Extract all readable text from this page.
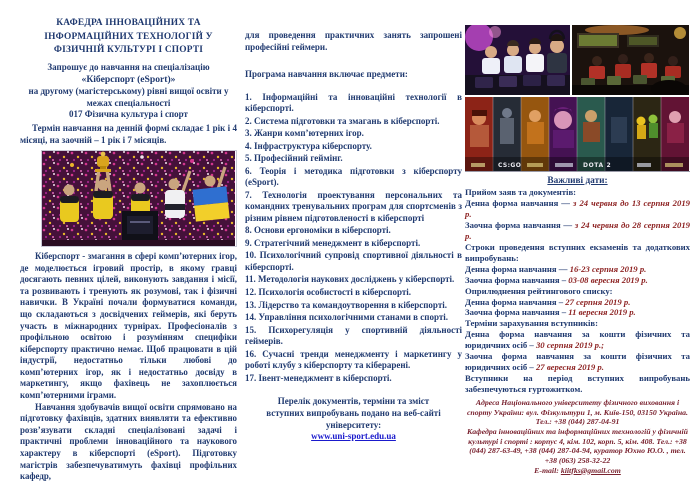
КАФЕДРА ІННОВАЦІЙНИХ ТА ІНФОРМАЦІЙНИХ ТЕХНОЛОГІЙ У ФІЗИЧНІЙ КУЛЬТУРІ І СПОРТІ
Запрошує до навчання на спеціалізацію
«Кіберспорт (eSport)»
на другому (магістерському) рівні вищої освіти у межах спеціальності
017 Фізична культура і спорт
Термін навчання на денній формі складає 1 рік і 4 місяці, на заочній – 1 рік і 7 місяців.

Кіберспорт - змагання в сфері комп’ютерних ігор, де моделюється ігровий простір, в якому гравці досягають певних цілей, виконують завдання і місії, та розвивають і тренують як розумові, так і фізичні навички. В Україні почали формуватися команди, що складаються з досвідчених геймерів, які беруть участь в міжнародних турнірах. Професіоналів з профільною освітою і розумінням специфіки кіберспорту практично немає. Щоб працювати в цій індустрії, недостатньо тільки любові до комп’ютерних ігор, як і недостатньо досвіду в маркетингу, якщо фахівець не захоплюється комп’ютерними іграми.

Навчання здобувачів вищої освіти спрямовано на підготовку фахівців, здатних виявляти та ефективно розв’язувати складні спеціалізовані задачі і практичні проблеми інноваційного та наукового характеру в кіберспорті (eSport). Підготовку магістрів забезпечуватимуть фахівці профільних кафедр,

для проведення практичних занять запрошені професійні геймери.

Програма навчання включає предмети:

Інформаційні та інноваційні технології в кіберспорті.
Система підготовки та змагань в кіберспорті.
Жанри комп’ютерних ігор.
Інфраструктура кіберспорту.
Професійний геймінг.
Теорія і методика підготовки з кіберспорту (eSport).
Технологія проектування персональних та командних тренувальних програм для спортсменів з різним рівнем підготовленості в кіберспорті
Основи ергономіки в кіберспорті.
Стратегічний менеджмент в кіберспорті.
Психологічний супровід спортивної діяльності в кіберспорті.
Методологія наукових досліджень у кіберспорті.
Психологія особистості в кіберспорті.
Лідерство та командоутворення в кіберспорті.
Управління психологічними станами в спорті.
Психорегуляція у спортивній діяльності геймерів.
Сучасні тренди менеджменту і маркетингу у роботі клубу з кіберспорту та кіберарені.
Івент-менеджмент в кіберспорті.

Перелік документів, терміни та зміст вступних випробувань подано на веб-сайті університету:

www.uni-sport.edu.ua
CS:GO	DOTA 2
Важливі дати:

Прийом заяв та документів:

Денна форма навчання — з 24 червня до 13 серпня 2019 р.

Заочна форма навчання — з 24 червня до 28 серпня 2019 р.

Строки проведення вступних екзаменів та додаткових випробувань:

Денна форма навчання — 16-23 серпня 2019 р.

Заочна форма навчання – 03-08 вересня 2019 р.

Оприлюднення рейтингового списку:

Денна форма навчання – 27 серпня 2019 р.

Заочна форма навчання – 11 вересня 2019 р.

Терміни зарахування вступників:

Денна форма навчання за кошти фізичних та юридичних осіб – 30 серпня 2019 р.;

Заочна форма навчання за кошти фізичних та юридичних осіб – 27 вересня 2019 р.

Вступники на період вступних випробувань забезпечуються гуртожитком.

Адреса Національного університету фізичного виховання і спорту України: вул. Фізкультури 1, м. Київ-150, 03150 Україна. Тел.: +38 (044) 287-04-91

Кафедра інноваційних та інформаційних технологій у фізичній культурі і спорті : корпус 4, кім. 102, корп. 5, кім. 408. Тел.: +38 (044) 287-63-49, +38 (044) 287-04-94, куратор Юхно Ю.О. , тел. +38 (063) 258-32-22

E-mail: kiitfks@gmail.com
